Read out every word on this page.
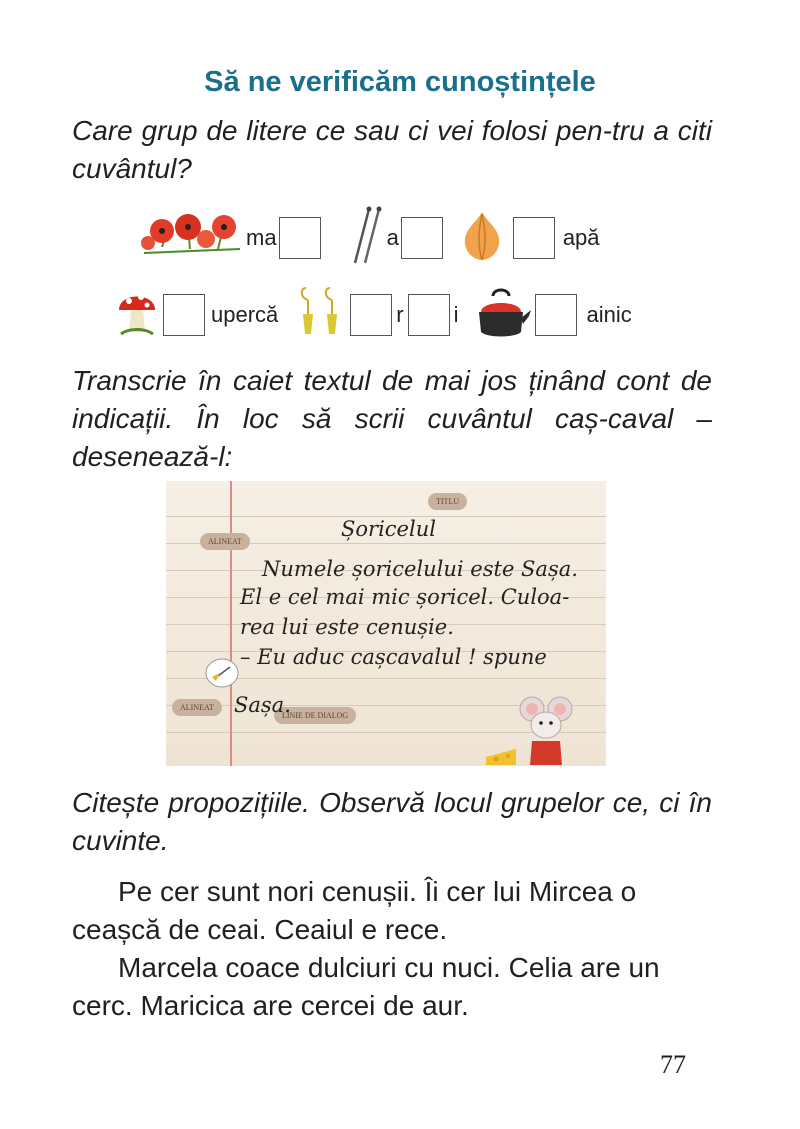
Să ne verificăm cunoștințele
Care grup de litere ce sau ci vei folosi pen-tru a citi cuvântul?
ma	a	apă
upercă	r i	ainic
Transcrie în caiet textul de mai jos ținând cont de indicații. În loc să scrii cuvântul caș-caval – desenează-l:
TITLU
ALINEAT
ALINEAT
LINIE DE DIALOG
Șoricelul
Numele șoricelului este Sașa.
El e cel mai mic șoricel. Culoa-
rea lui este cenușie.
– Eu aduc cașcavalul ! spune
Sașa.
Citește propozițiile. Observă locul grupelor ce, ci în cuvinte.

Pe cer sunt nori cenușii. Îi cer lui Mircea o ceașcă de ceai. Ceaiul e rece.

Marcela coace dulciuri cu nuci. Celia are un cerc. Maricica are cercei de aur.

77
